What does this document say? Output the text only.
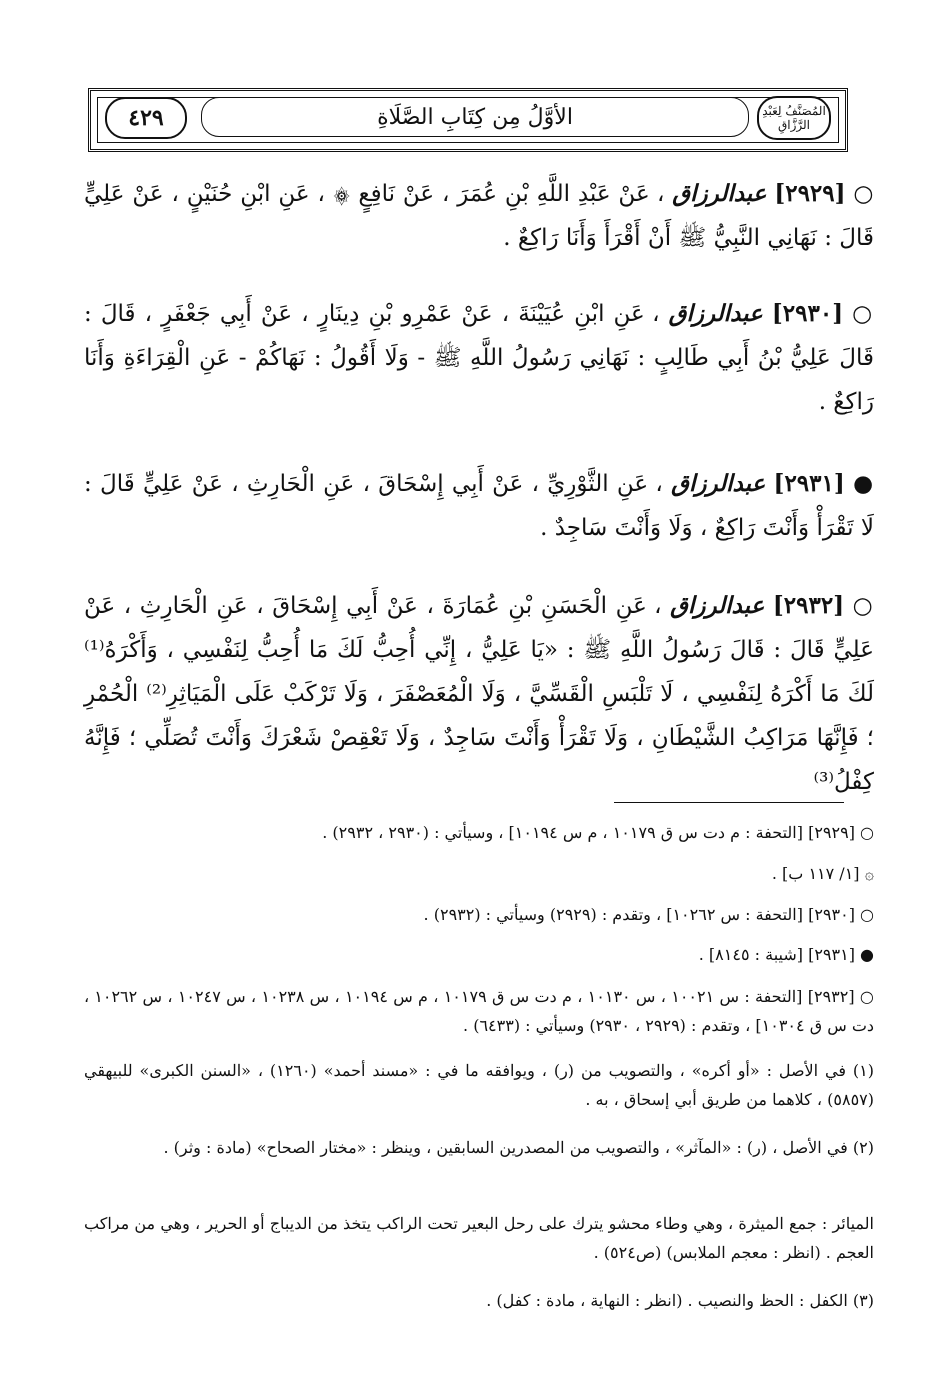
٤٢٩	الأوَّلُ مِن كِتَابِ الصَّلَاةِ	المُصَنَّفُ لِعَبْدِ الرَّزَّاقِ
○ [٢٩٢٩] عبدالرزاق ، عَنْ عَبْدِ اللَّهِ بْنِ عُمَرَ ، عَنْ نَافِعٍ ۞ ، عَنِ ابْنِ حُنَيْنٍ ، عَنْ عَلِيٍّ قَالَ : نَهَانِي النَّبِيُّ ﷺ أَنْ أَقْرَأَ وَأَنَا رَاكِعٌ .
○ [٢٩٣٠] عبدالرزاق ، عَنِ ابْنِ عُيَيْنَةَ ، عَنْ عَمْرِو بْنِ دِينَارٍ ، عَنْ أَبِي جَعْفَرٍ ، قَالَ : قَالَ عَلِيُّ بْنُ أَبِي طَالِبٍ : نَهَانِي رَسُولُ اللَّهِ ﷺ - وَلَا أَقُولُ : نَهَاكُمْ - عَنِ الْقِرَاءَةِ وَأَنَا رَاكِعٌ .
● [٢٩٣١] عبدالرزاق ، عَنِ الثَّوْرِيِّ ، عَنْ أَبِي إِسْحَاقَ ، عَنِ الْحَارِثِ ، عَنْ عَلِيٍّ قَالَ : لَا تَقْرَأْ وَأَنْتَ رَاكِعٌ ، وَلَا وَأَنْتَ سَاجِدٌ .
○ [٢٩٣٢] عبدالرزاق ، عَنِ الْحَسَنِ بْنِ عُمَارَةَ ، عَنْ أَبِي إِسْحَاقَ ، عَنِ الْحَارِثِ ، عَنْ عَلِيٍّ قَالَ : قَالَ رَسُولُ اللَّهِ ﷺ : «يَا عَلِيُّ ، إِنِّي أُحِبُّ لَكَ مَا أُحِبُّ لِنَفْسِي ، وَأَكْرَهُ⁽¹⁾ لَكَ مَا أَكْرَهُ لِنَفْسِي ، لَا تَلْبَسِ الْقَسِّيَّ ، وَلَا الْمُعَصْفَرَ ، وَلَا تَرْكَبْ عَلَى الْمَيَاثِرِ⁽²⁾ الْحُمْرِ ؛ فَإِنَّهَا مَرَاكِبُ الشَّيْطَانِ ، وَلَا تَقْرَأْ وَأَنْتَ سَاجِدٌ ، وَلَا تَعْقِصْ شَعْرَكَ وَأَنْتَ تُصَلِّي ؛ فَإِنَّهُ كِفْلُ⁽³⁾
○ [٢٩٢٩] [التحفة : م دت س ق ١٠١٧٩ ، م س ١٠١٩٤] ، وسيأتي : (٢٩٣٠ ، ٢٩٣٢) .
۞ [١/ ١١٧ ب] .
○ [٢٩٣٠] [التحفة : س ١٠٢٦٢] ، وتقدم : (٢٩٢٩) وسيأتي : (٢٩٣٢) .
● [٢٩٣١] [شيبة : ٨١٤٥] .
○ [٢٩٣٢] [التحفة : س ١٠٠٢١ ، س ١٠١٣٠ ، م دت س ق ١٠١٧٩ ، م س ١٠١٩٤ ، س ١٠٢٣٨ ، س ١٠٢٤٧ ، س ١٠٢٦٢ ، دت س ق ١٠٣٠٤] ، وتقدم : (٢٩٢٩ ، ٢٩٣٠) وسيأتي : (٦٤٣٣) .
(١) في الأصل : «أو أكره» ، والتصويب من (ر) ، ويوافقه ما في : «مسند أحمد» (١٢٦٠) ، «السنن الكبرى» للبيهقي (٥٨٥٧) ، كلاهما من طريق أبي إسحاق ، به .
(٢) في الأصل ، (ر) : «المآثر» ، والتصويب من المصدرين السابقين ، وينظر : «مختار الصحاح» (مادة : وثر) .
الميائر : جمع الميثرة ، وهي وطاء محشو يترك على رحل البعير تحت الراكب يتخذ من الديباج أو الحرير ، وهي من مراكب العجم . (انظر : معجم الملابس) (ص٥٢٤) .
(٣) الكفل : الحظ والنصيب . (انظر : النهاية ، مادة : كفل) .
